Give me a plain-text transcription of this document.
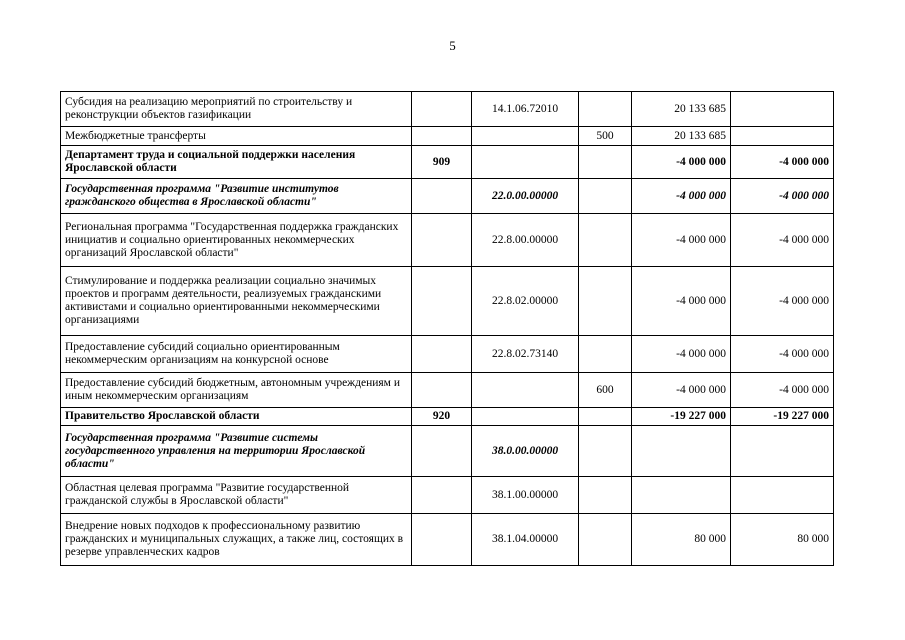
5
Субсидия на реализацию мероприятий по строительству и реконструкции объектов газификации		14.1.06.72010		20 133 685	
Межбюджетные трансферты			500	20 133 685	
Департамент труда и социальной поддержки населения Ярославской области	909			-4 000 000	-4 000 000
Государственная программа "Развитие институтов гражданского общества в Ярославской области"		22.0.00.00000		-4 000 000	-4 000 000
Региональная программа "Государственная поддержка гражданских инициатив и социально ориентированных некоммерческих организаций Ярославской области"		22.8.00.00000		-4 000 000	-4 000 000
Стимулирование и поддержка реализации социально значимых проектов и программ деятельности, реализуемых гражданскими активистами и социально ориентированными некоммерческими организациями		22.8.02.00000		-4 000 000	-4 000 000
Предоставление субсидий социально ориентированным некоммерческим организациям на конкурсной основе		22.8.02.73140		-4 000 000	-4 000 000
Предоставление субсидий бюджетным, автономным учреждениям и иным некоммерческим организациям			600	-4 000 000	-4 000 000
Правительство Ярославской области	920			-19 227 000	-19 227 000
Государственная программа "Развитие системы государственного управления на территории Ярославской области"		38.0.00.00000			
Областная целевая программа "Развитие государственной гражданской службы в Ярославской области"		38.1.00.00000			
Внедрение новых подходов к профессиональному развитию гражданских и муниципальных служащих, а также лиц, состоящих в резерве управленческих кадров		38.1.04.00000		80 000	80 000
